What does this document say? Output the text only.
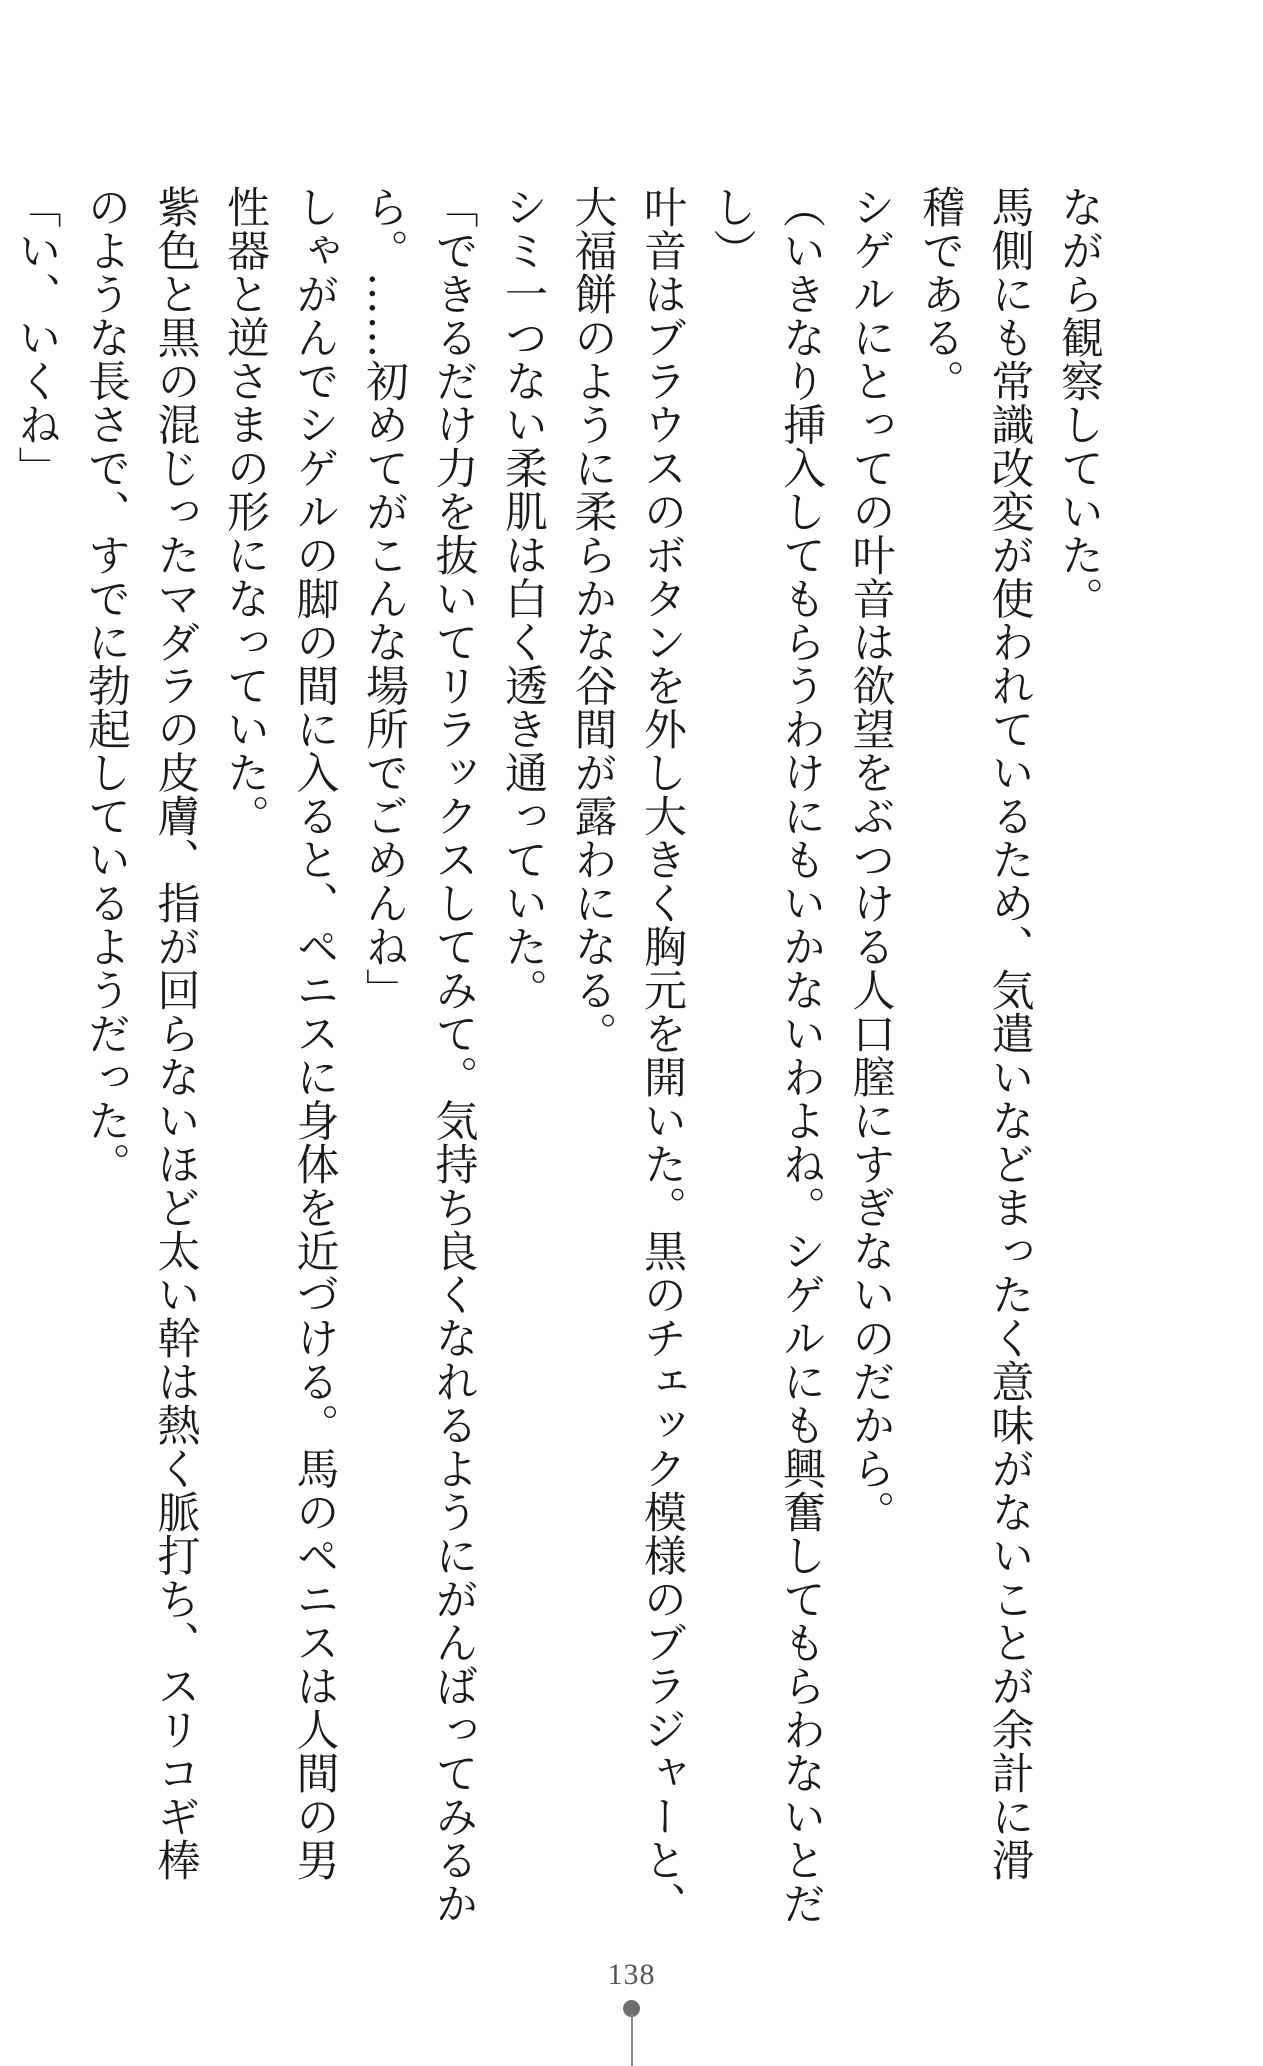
ながら観察していた。
馬側にも常識改変が使われているため、気遣いなどまったく意味がないことが余計に滑
稽である。
シゲルにとっての叶音は欲望をぶつける人口膣にすぎないのだから。
（いきなり挿入してもらうわけにもいかないわよね。シゲルにも興奮してもらわないとだ
し）
叶音はブラウスのボタンを外し大きく胸元を開いた。黒のチェック模様のブラジャーと、
大福餅のように柔らかな谷間が露わになる。
シミ一つない柔肌は白く透き通っていた。
「できるだけ力を抜いてリラックスしてみて。気持ち良くなれるようにがんばってみるか
ら。……初めてがこんな場所でごめんね」
しゃがんでシゲルの脚の間に入ると、ペニスに身体を近づける。馬のペニスは人間の男
性器と逆さまの形になっていた。
紫色と黒の混じったマダラの皮膚、指が回らないほど太い幹は熱く脈打ち、スリコギ棒
のような長さで、すでに勃起しているようだった。
「い、いくね」
138
